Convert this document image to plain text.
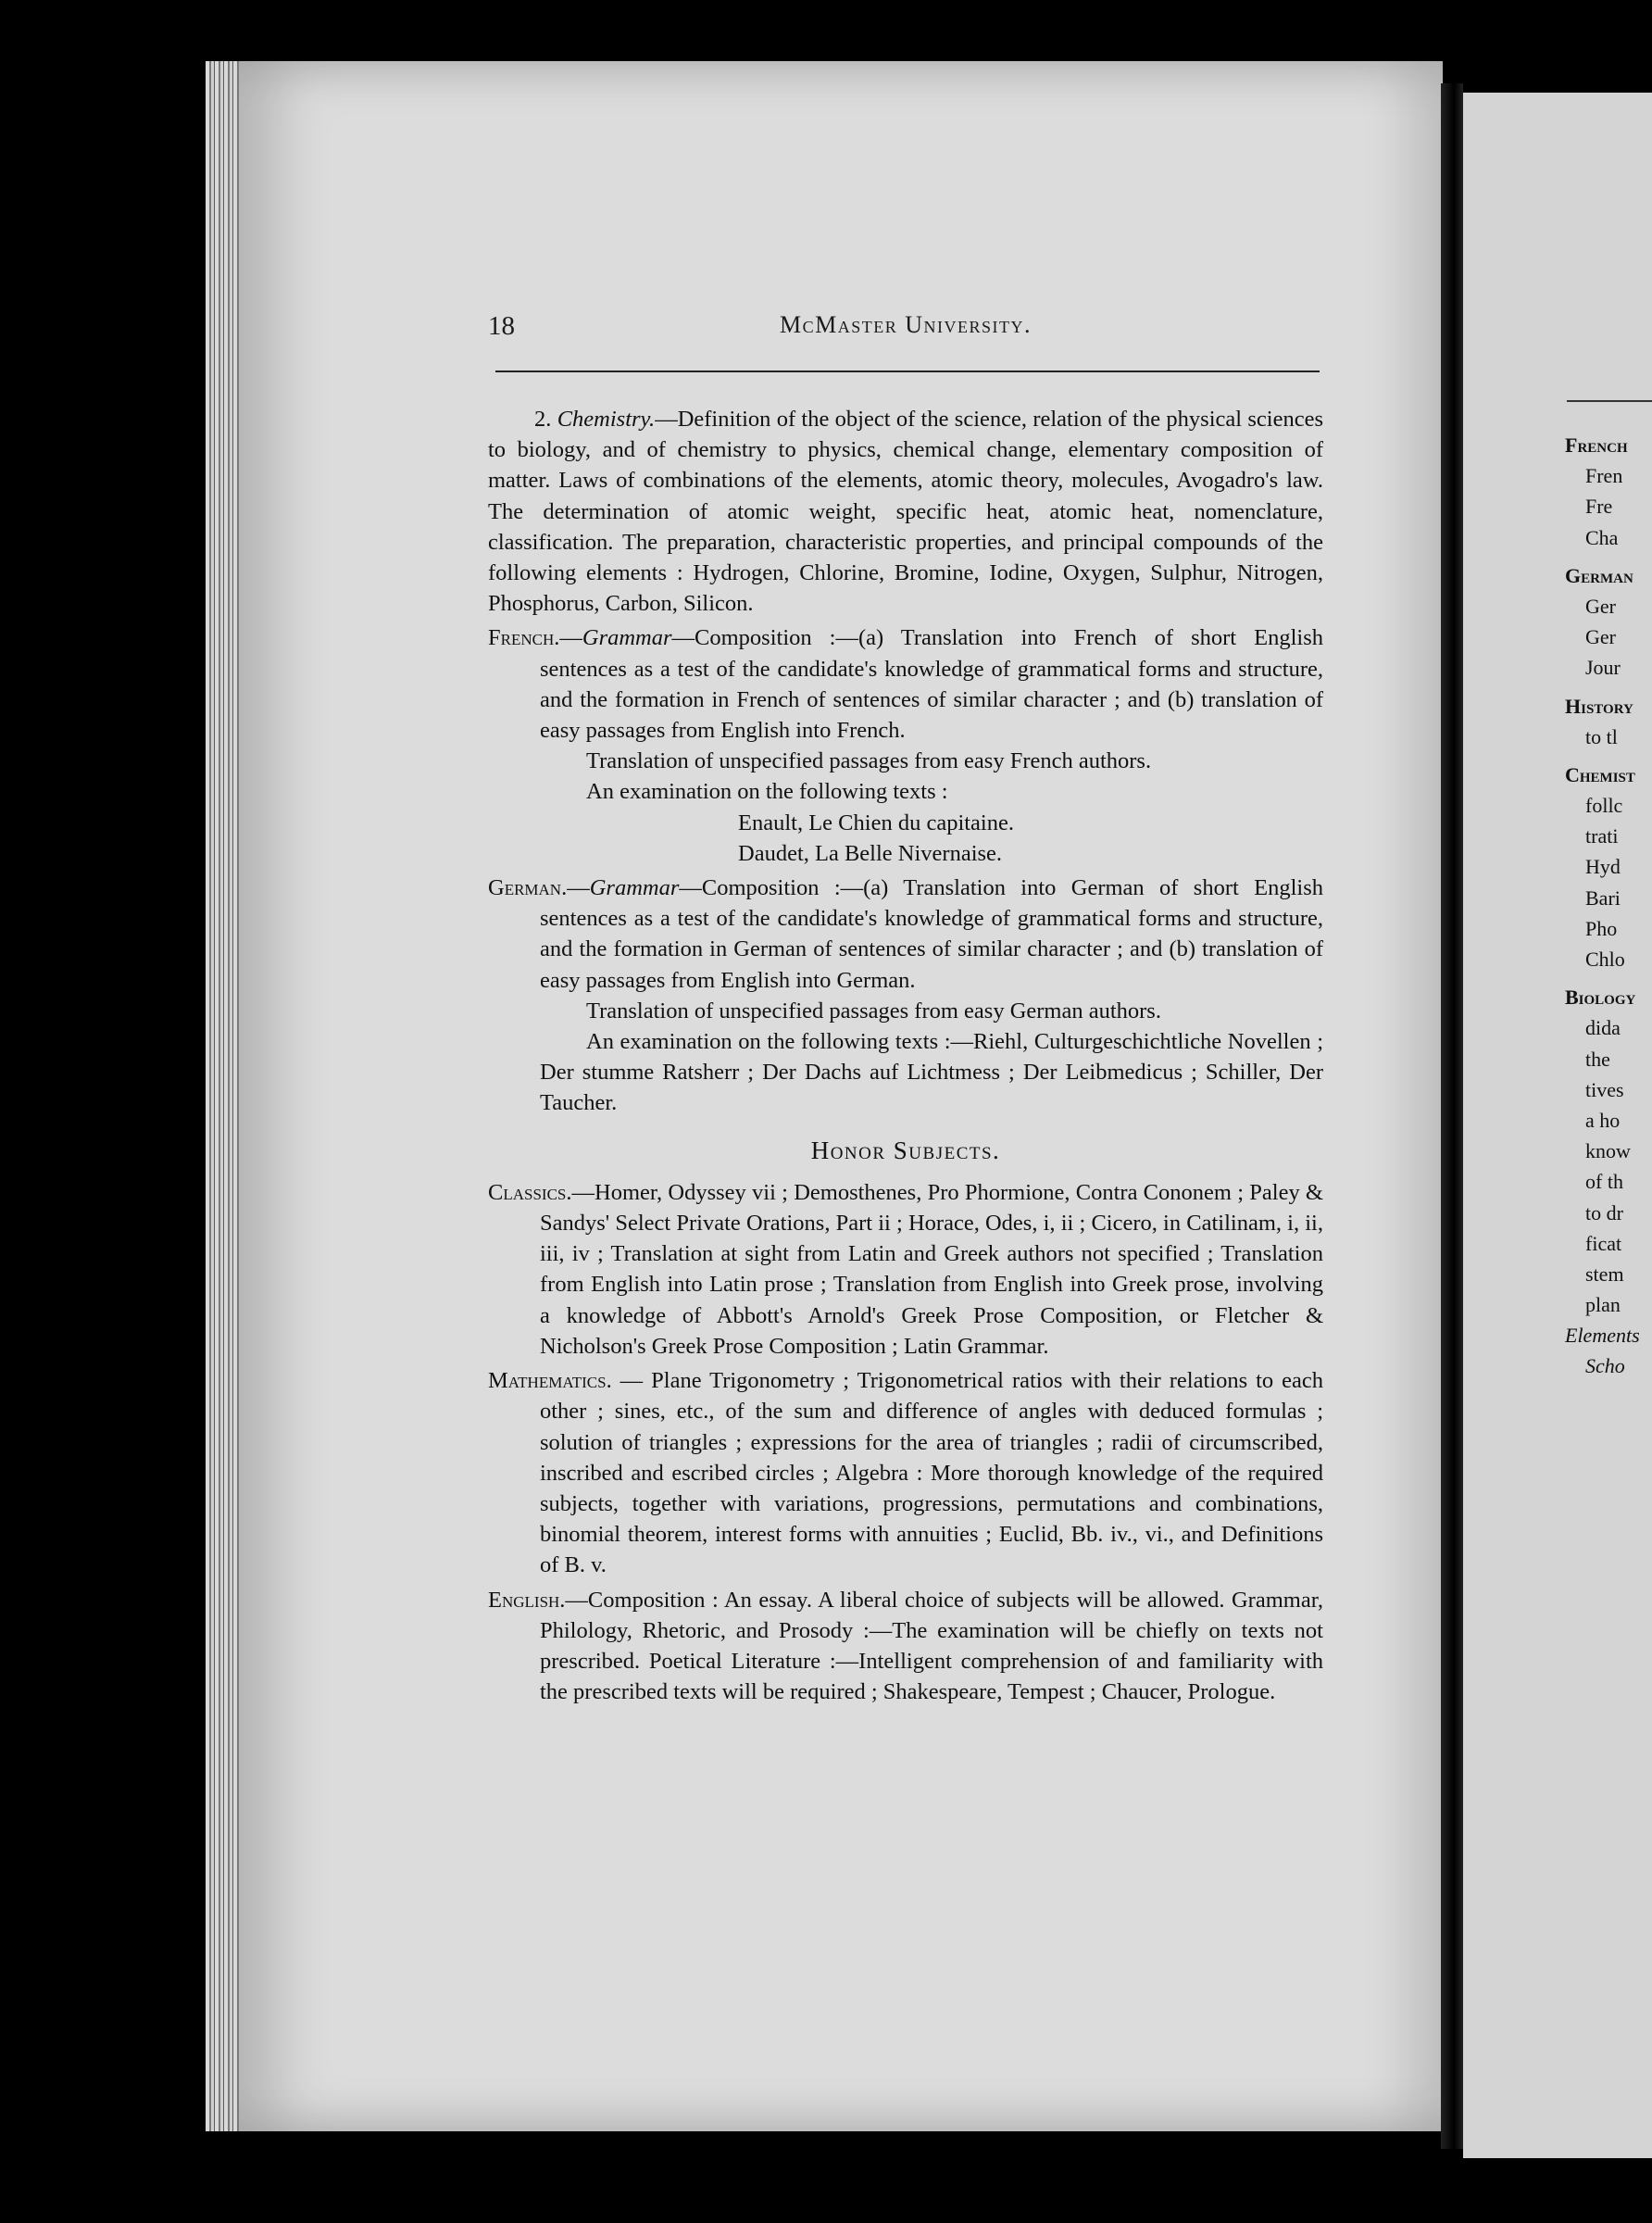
18	McMaster University.

2. Chemistry.—Definition of the object of the science, relation of the physical sciences to biology, and of chemistry to physics, chemical change, elementary composition of matter. Laws of combinations of the elements, atomic theory, molecules, Avogadro's law. The determination of atomic weight, specific heat, atomic heat, nomenclature, classification. The preparation, characteristic properties, and principal compounds of the following elements : Hydrogen, Chlorine, Bromine, Iodine, Oxygen, Sulphur, Nitrogen, Phosphorus, Carbon, Silicon.

French.—Grammar—Composition :—(a) Translation into French of short English sentences as a test of the candidate's knowledge of grammatical forms and structure, and the formation in French of sentences of similar character ; and (b) translation of easy passages from English into French.

Translation of unspecified passages from easy French authors.

An examination on the following texts :

Enault, Le Chien du capitaine.

Daudet, La Belle Nivernaise.

German.—Grammar—Composition :—(a) Translation into German of short English sentences as a test of the candidate's knowledge of grammatical forms and structure, and the formation in German of sentences of similar character ; and (b) translation of easy passages from English into German.

Translation of unspecified passages from easy German authors.

An examination on the following texts :—Riehl, Culturgeschichtliche Novellen ; Der stumme Ratsherr ; Der Dachs auf Lichtmess ; Der Leibmedicus ; Schiller, Der Taucher.

Honor Subjects.

Classics.—Homer, Odyssey vii ; Demosthenes, Pro Phormione, Contra Cononem ; Paley & Sandys' Select Private Orations, Part ii ; Horace, Odes, i, ii ; Cicero, in Catilinam, i, ii, iii, iv ; Translation at sight from Latin and Greek authors not specified ; Translation from English into Latin prose ; Translation from English into Greek prose, involving a knowledge of Abbott's Arnold's Greek Prose Composition, or Fletcher & Nicholson's Greek Prose Composition ; Latin Grammar.

Mathematics. — Plane Trigonometry ; Trigonometrical ratios with their relations to each other ; sines, etc., of the sum and difference of angles with deduced formulas ; solution of triangles ; expressions for the area of triangles ; radii of circumscribed, inscribed and escribed circles ; Algebra : More thorough knowledge of the required subjects, together with variations, progressions, permutations and combinations, binomial theorem, interest forms with annuities ; Euclid, Bb. iv., vi., and Definitions of B. v.

English.—Composition : An essay. A liberal choice of subjects will be allowed. Grammar, Philology, Rhetoric, and Prosody :—The examination will be chiefly on texts not prescribed. Poetical Literature :—Intelligent comprehension of and familiarity with the prescribed texts will be required ; Shakespeare, Tempest ; Chaucer, Prologue.

French
Fren
Fre
Cha
German
Ger
Ger
Jour
History
to tl
Chemist
follc
trati
Hyd
Bari
Pho
Chlo
Biology
dida
the
tives
a ho
know
of th
to dr
ficat
stem
plan
Elements
Scho
